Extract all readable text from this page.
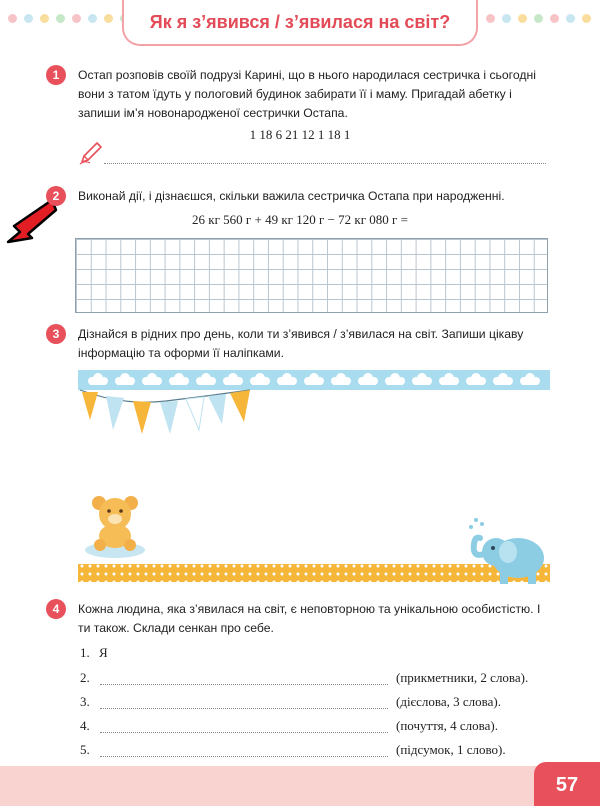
Як я з’явився / з’явилася на світ?
1	Остап розповів своїй подрузі Карині, що в нього народилася сестричка і сьогодні вони з татом їдуть у пологовий будинок забирати її і маму. Пригадай абетку і запиши ім’я новонародженої сестрички Остапа.
1 18 6 21 12 1 18 1
2	Виконай дії, і дізнаєшся, скільки важила сестричка Остапа при народженні.
26 кг 560 г + 49 кг 120 г − 72 кг 080 г =
3	Дізнайся в рідних про день, коли ти з’явився / з’явилася на світ. Запиши цікаву інформацію та оформи її наліпками.
4	Кожна людина, яка з’явилася на світ, є неповторною та унікальною особистістю. І ти також. Склади сенкан про себе.
1. Я
2.	(прикметники, 2 слова).
3.	(дієслова, 3 слова).
4.	(почуття, 4 слова).
5.	(підсумок, 1 слово).
57
